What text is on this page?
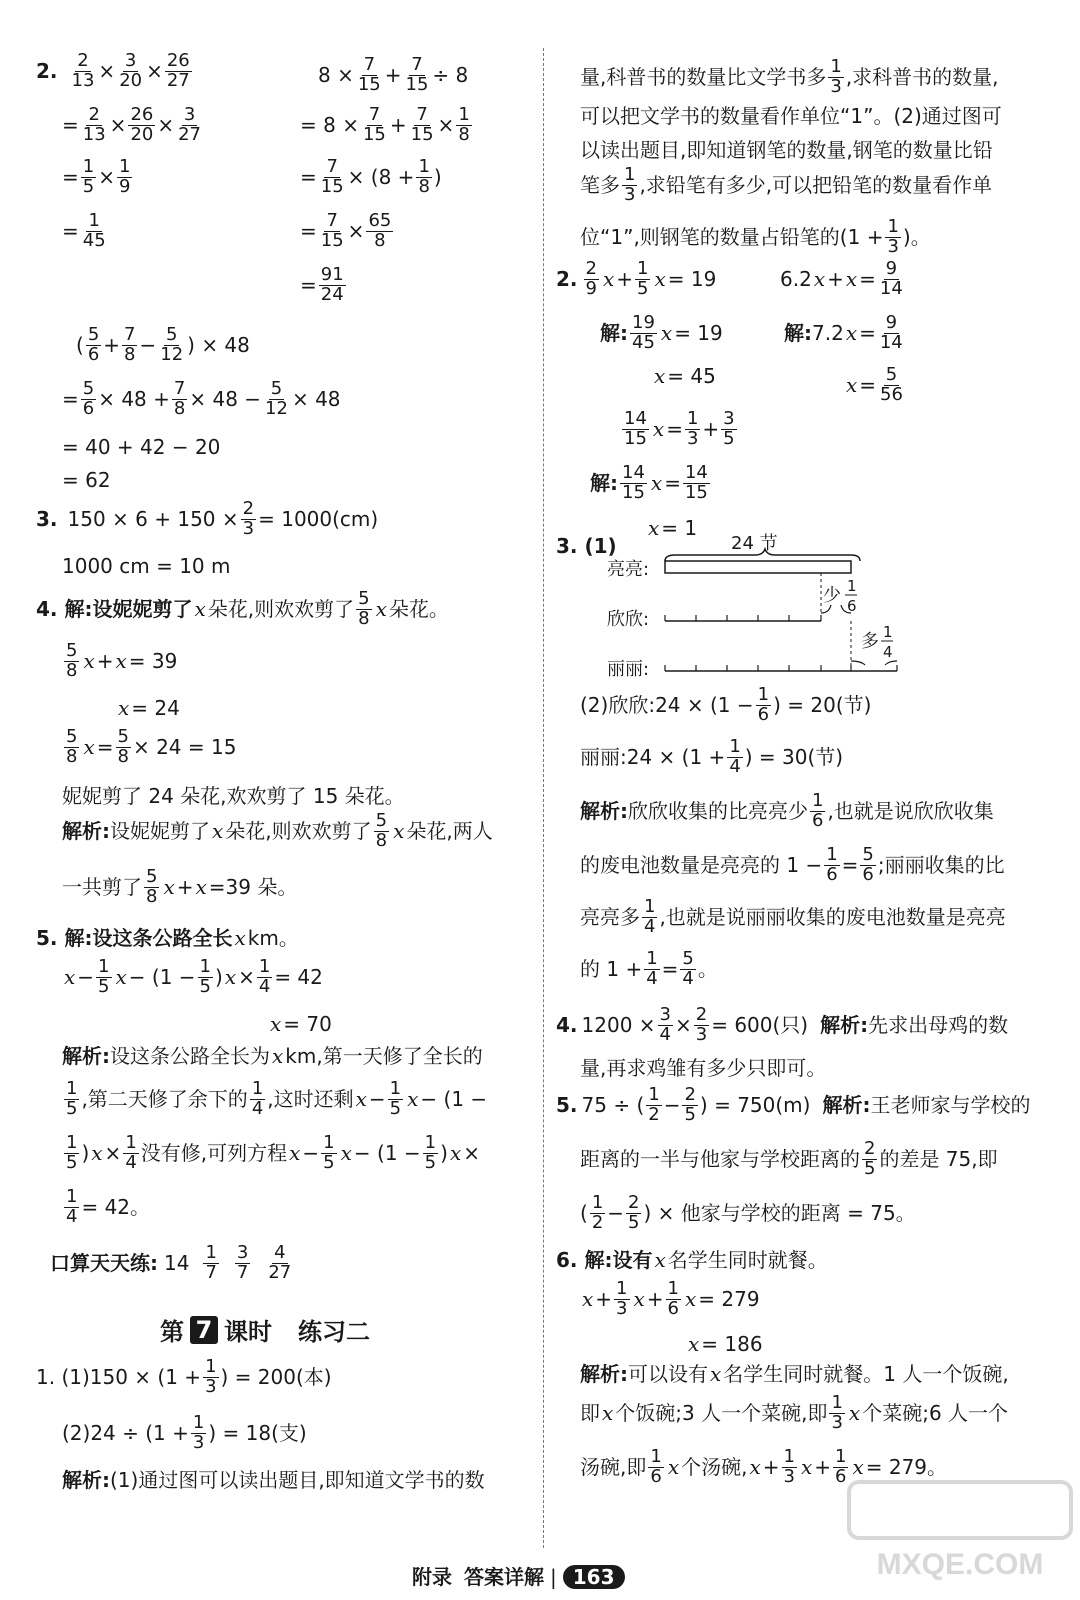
2. 2
13 × 3
20 × 26
27
= 2
13 × 26
20 × 3
27
= 1
5 × 1
9
= 1
45
8 × 7
15 + 7
15 ÷ 8
= 8 × 7
15 + 7
15 × 1
8
= 7
15 × (8 + 1
8 )
= 7
15 × 65
8
= 91
24
( 5
6 + 7
8 − 5
12 ) × 48
= 5
6 × 48 + 7
8 × 48 − 5
12 × 48
= 40 + 42 − 20
= 62
3. $150 \times 6 + 150 \times \frac{2}{3} = 1000(cm)$
1000 cm = 10 m
4. 解:设妮妮剪了 x 朵花,则欢欢剪了 5
8 x 朵花。
5
8 x + x = 39
x = 24
5
8 x = 5
8 × 24 = 15
妮妮剪了 24 朵花,欢欢剪了 15 朵花。
解析: 设妮妮剪了 x 朵花,则欢欢剪了 5
8 x 朵花,两人
一共剪了 5
8 x + x =39 朵。
5. 解:设这条公路全长 x km。
x − 1
5 x − (1 − 1
5 ) x × 1
4 = 42
x = 70
解析: 设这条公路全长为 x km,第一天修了全长的
1
5 ,第二天修了余下的 1
4 ,这时还剩 x − 1
5 x − (1 −
1
5 ) x × 1
4 没有修,可列方程 x − 1
5 x − (1 − 1
5 ) x ×
1
4 = 42。
口算天天练: 14 1
7
3
7
4
27
第 7 课时 练习二
1. $(1)150 \times (1 + \frac{1}{3}$ ) = 200(本)
$(2)24 \div (1 + \frac{1}{3}$ ) = 18(支)
解析: (1)通过图可以读出题目,即知道文学书的数
量,科普书的数量比文学书多 1
3 ,求科普书的数量,
可以把文学书的数量看作单位“1”。(2)通过图可
以读出题目,即知道钢笔的数量,钢笔的数量比铅
笔多 1
3 ,求铅笔有多少,可以把铅笔的数量看作单
位“1”,则钢笔的数量占铅笔的($1 + \frac{1}{3}$ )。
2. 2
9 x + 1
5 x = 19	6.2 x + x = 9
14
解: 19
45 x = 19	解: 7.2 x = 9
14
x = 45	x = 5
56
14
15 x = 1
3 + 3
5
解: 14
15 x = 14
15
x = 1
3. (1)	24 节
亮亮:
少 1
6
欣欣:
多 1
4
丽丽:
(2)欣欣:24 × ($1 - \frac{1}{6}$ ) = 20(节)
丽丽:24 × ($1 + \frac{1}{4}$ ) = 30(节)
解析: 欣欣收集的比亮亮少 1
6 ,也就是说欣欣收集
的废电池数量是亮亮的 $1 - \frac{1}{6} = 5$
6 ;丽丽收集的比
亮亮多 1
4 ,也就是说丽丽收集的废电池数量是亮亮
的 $1 + \frac{1}{4} = 5$
4 。
4. 1200 × 3
$4 \times \frac{2}{3} = 600$(只) 解析: 先求出母鸡的数
量,再求鸡雏有多少只即可。
5. 75 ÷ ( 1
2 − 2
5 ) = 750(m) 解析: 王老师家与学校的
距离的一半与他家与学校距离的 2
5 的差是 75,即
( 1
2 − 2
5 ) × 他家与学校的距离 = 75。
6. 解:设有 x 名学生同时就餐。
x + 1
3 x + 1
6 x = 279
x = 186
解析: 可以设有 x 名学生同时就餐。1 人一个饭碗,
即 x 个饭碗;3 人一个菜碗,即 1
3 x 个菜碗;6 人一个
汤碗,即 1
6 x 个汤碗, x + 1
3 x + 1
6 x = 279。
MXQE.COM
附录 答案详解 | 163
